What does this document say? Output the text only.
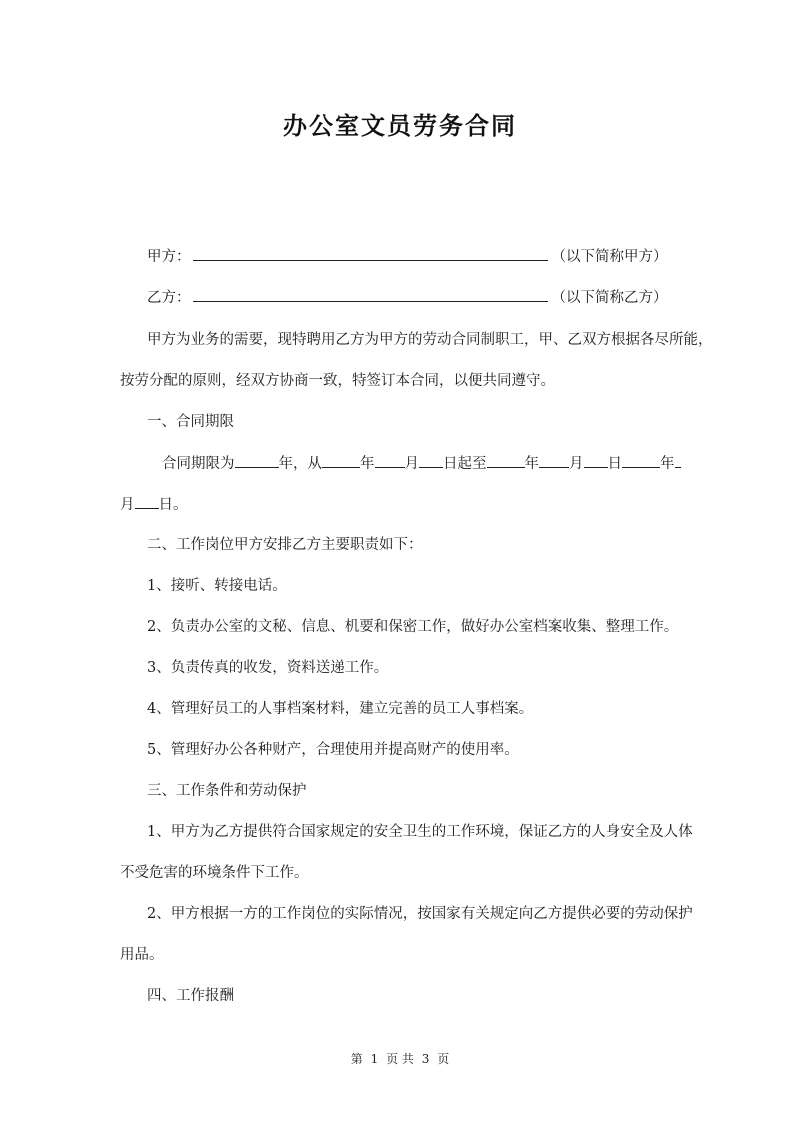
办公室文员劳务合同
甲方：	（以下简称甲方）
乙方：	（以下简称乙方）
甲方为业务的需要，现特聘用乙方为甲方的劳动合同制职工，甲、乙双方根据各尽所能，
按劳分配的原则，经双方协商一致，特签订本合同，以便共同遵守。
一、合同期限
合同期限为	年，从	年 月 日起至	年 月 日	年
月 日。
二、工作岗位甲方安排乙方主要职责如下：
1、接听、转接电话。
2、负责办公室的文秘、信息、机要和保密工作，做好办公室档案收集、整理工作。
3、负责传真的收发，资料送递工作。
4、管理好员工的人事档案材料，建立完善的员工人事档案。
5、管理好办公各种财产，合理使用并提高财产的使用率。
三、工作条件和劳动保护
1、甲方为乙方提供符合国家规定的安全卫生的工作环境，保证乙方的人身安全及人体
不受危害的环境条件下工作。
2、甲方根据一方的工作岗位的实际情况，按国家有关规定向乙方提供必要的劳动保护
用品。
四、工作报酬
第 1 页 共 3 页
